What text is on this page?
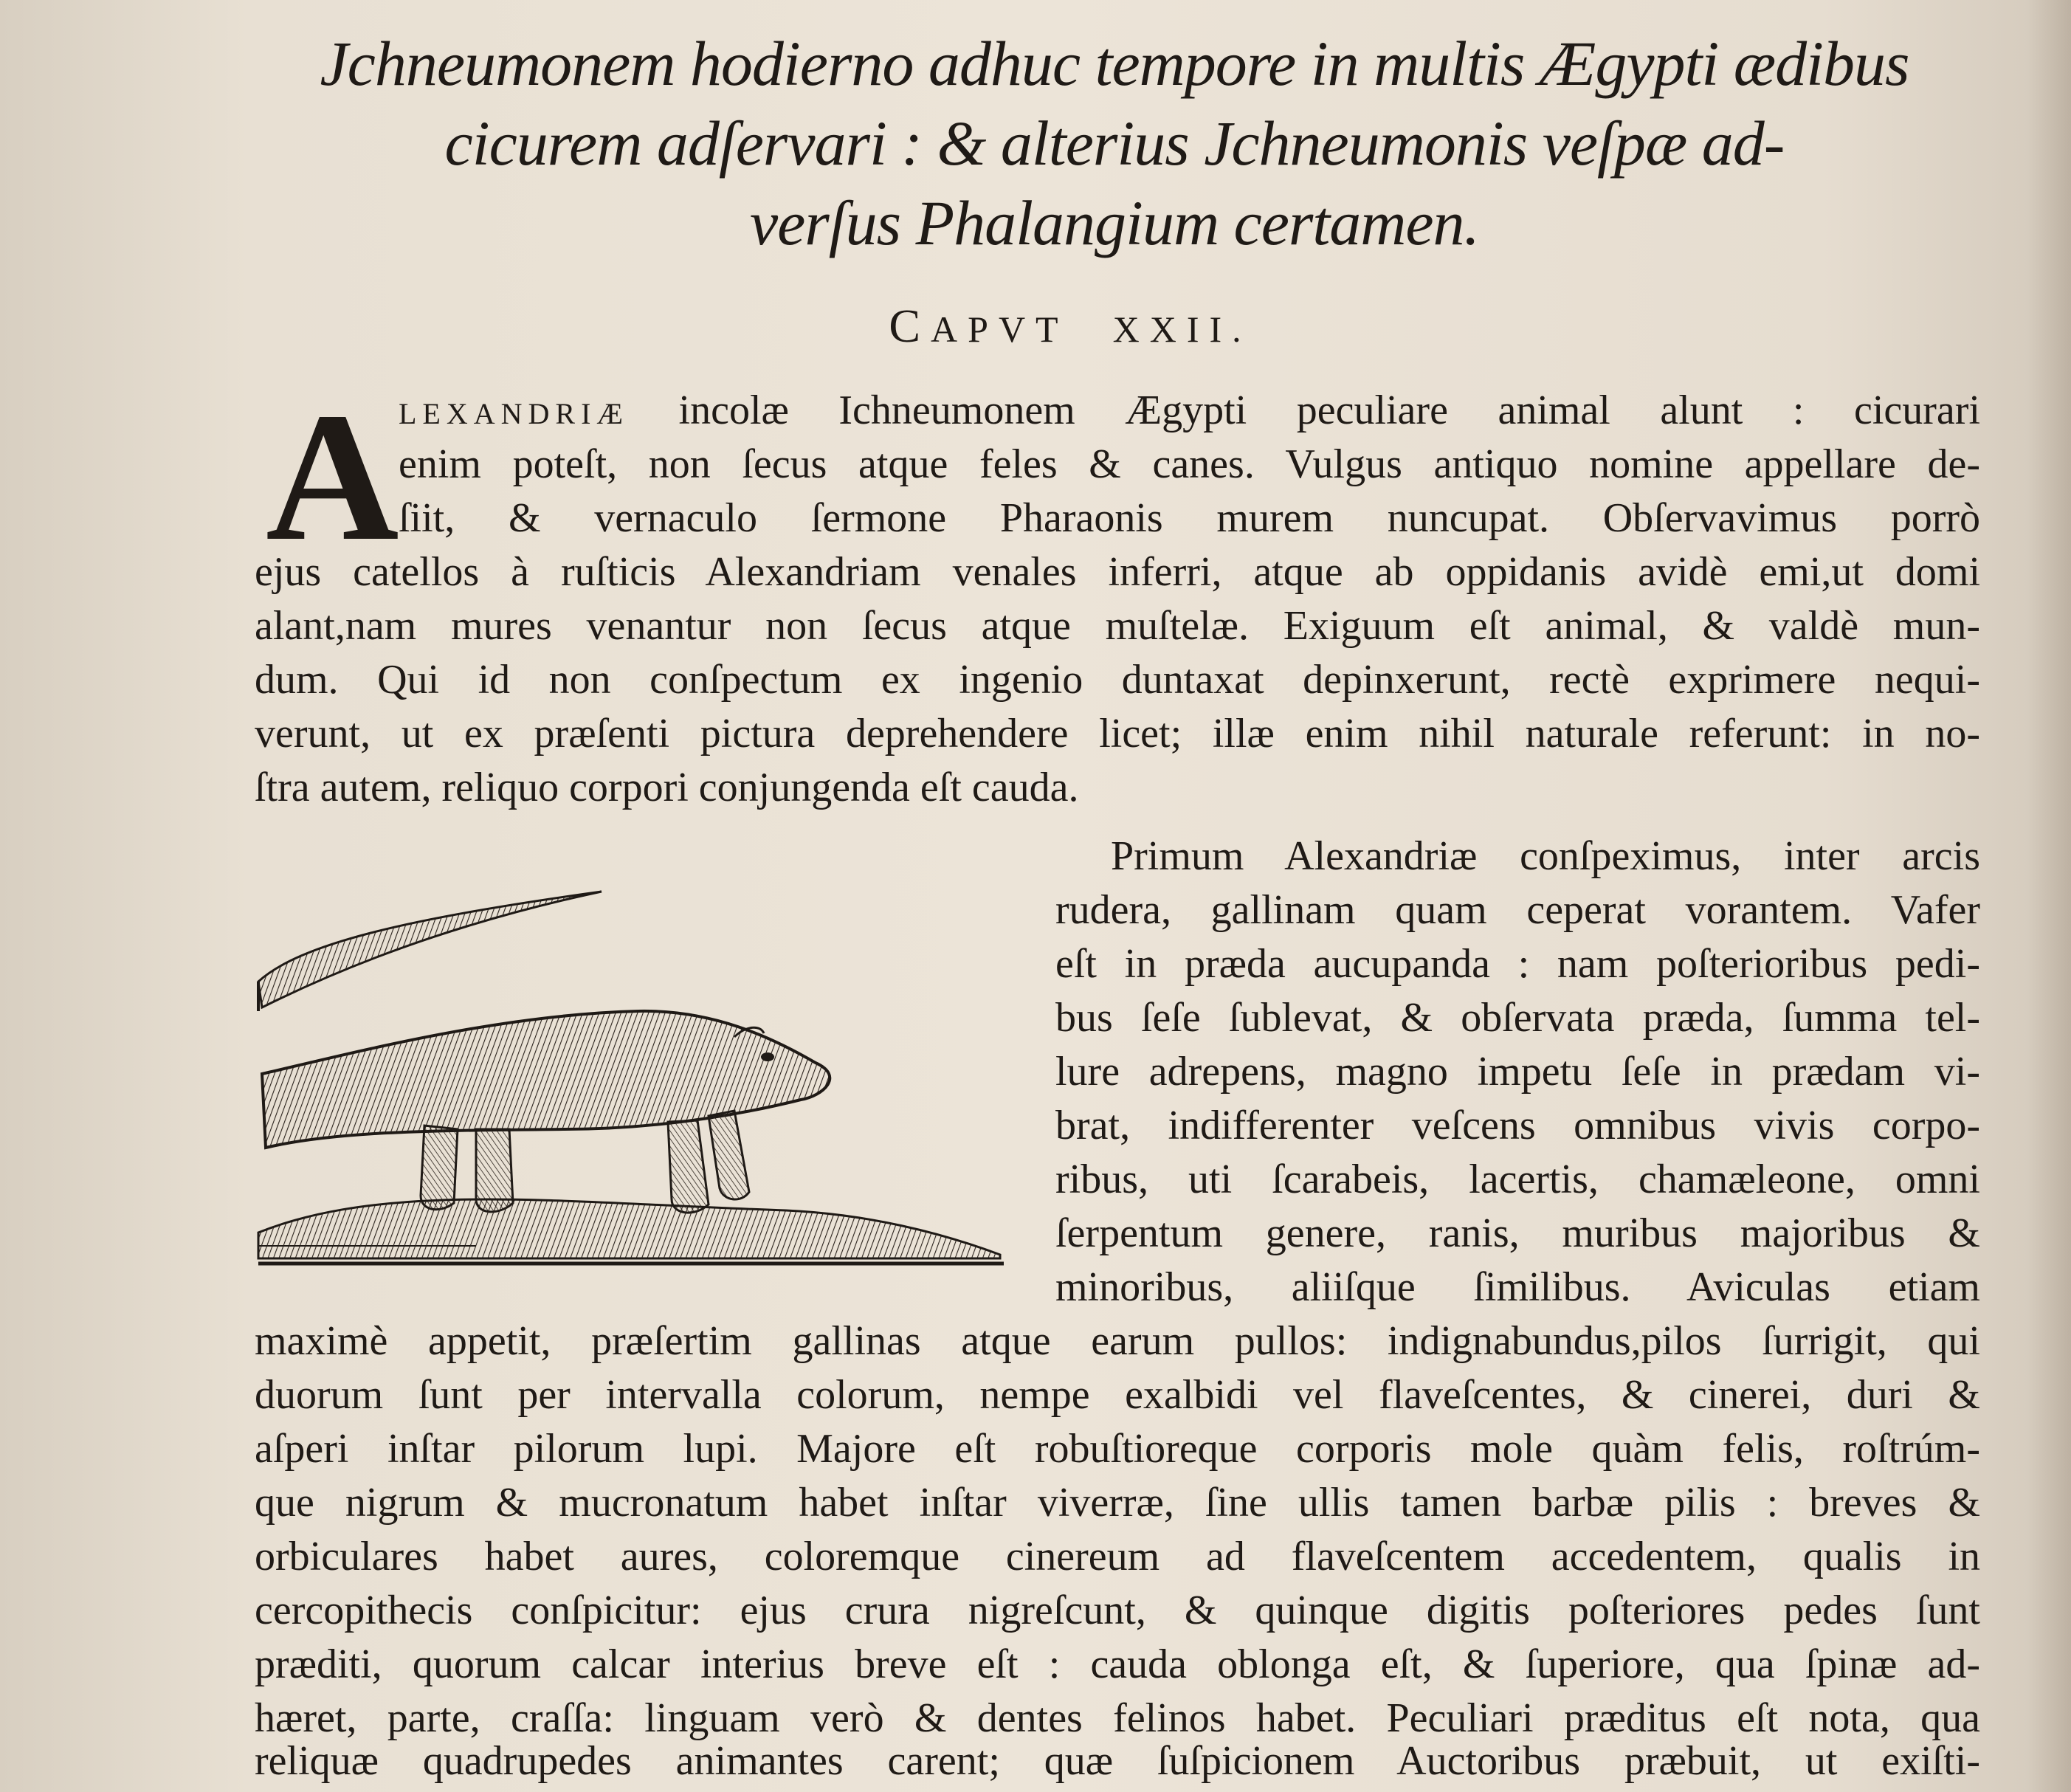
Jchneumonem hodierno adhuc tempore in multis Ægypti ædibus
cicurem adſervari : & alterius Jchneumonis veſpæ ad-
verſus Phalangium certamen.
CAPVT XXII.
A LEXANDRIÆ incolæ Ichneumonem Ægypti peculiare animal alunt : cicurari
enim poteſt, non ſecus atque feles & canes. Vulgus antiquo nomine appellare de-
ſiit, & vernaculo ſermone Pharaonis murem nuncupat. Obſervavimus porrò
ejus catellos à ruſticis Alexandriam venales inferri, atque ab oppidanis avidè emi,ut domi
alant,nam mures venantur non ſecus atque muſtelæ. Exiguum eſt animal, & valdè mun-
dum. Qui id non conſpectum ex ingenio duntaxat depinxerunt, rectè exprimere nequi-
verunt, ut ex præſenti pictura deprehendere licet; illæ enim nihil naturale referunt: in no-
ſtra autem, reliquo corpori conjungenda eſt cauda.
Primum Alexandriæ conſpeximus, inter arcis
rudera, gallinam quam ceperat vorantem. Vafer
eſt in præda aucupanda : nam poſterioribus pedi-
bus ſeſe ſublevat, & obſervata præda, ſumma tel-
lure adrepens, magno impetu ſeſe in prædam vi-
brat, indifferenter veſcens omnibus vivis corpo-
ribus, uti ſcarabeis, lacertis, chamæleone, omni
ſerpentum genere, ranis, muribus majoribus &
minoribus, aliiſque ſimilibus. Aviculas etiam
maximè appetit, præſertim gallinas atque earum pullos: indignabundus,pilos ſurrigit, qui
duorum ſunt per intervalla colorum, nempe exalbidi vel flaveſcentes, & cinerei, duri &
aſperi inſtar pilorum lupi. Majore eſt robuſtioreque corporis mole quàm felis, roſtrúm-
que nigrum & mucronatum habet inſtar viverræ, ſine ullis tamen barbæ pilis : breves &
orbiculares habet aures, coloremque cinereum ad flaveſcentem accedentem, qualis in
cercopithecis conſpicitur: ejus crura nigreſcunt, & quinque digitis poſteriores pedes ſunt
præditi, quorum calcar interius breve eſt : cauda oblonga eſt, & ſuperiore, qua ſpinæ ad-
hæret, parte, craſſa: linguam verò & dentes felinos habet. Peculiari præditus eſt nota, qua
reliquæ quadrupedes animantes carent; quæ ſuſpicionem Auctoribus præbuit, ut exiſti-
